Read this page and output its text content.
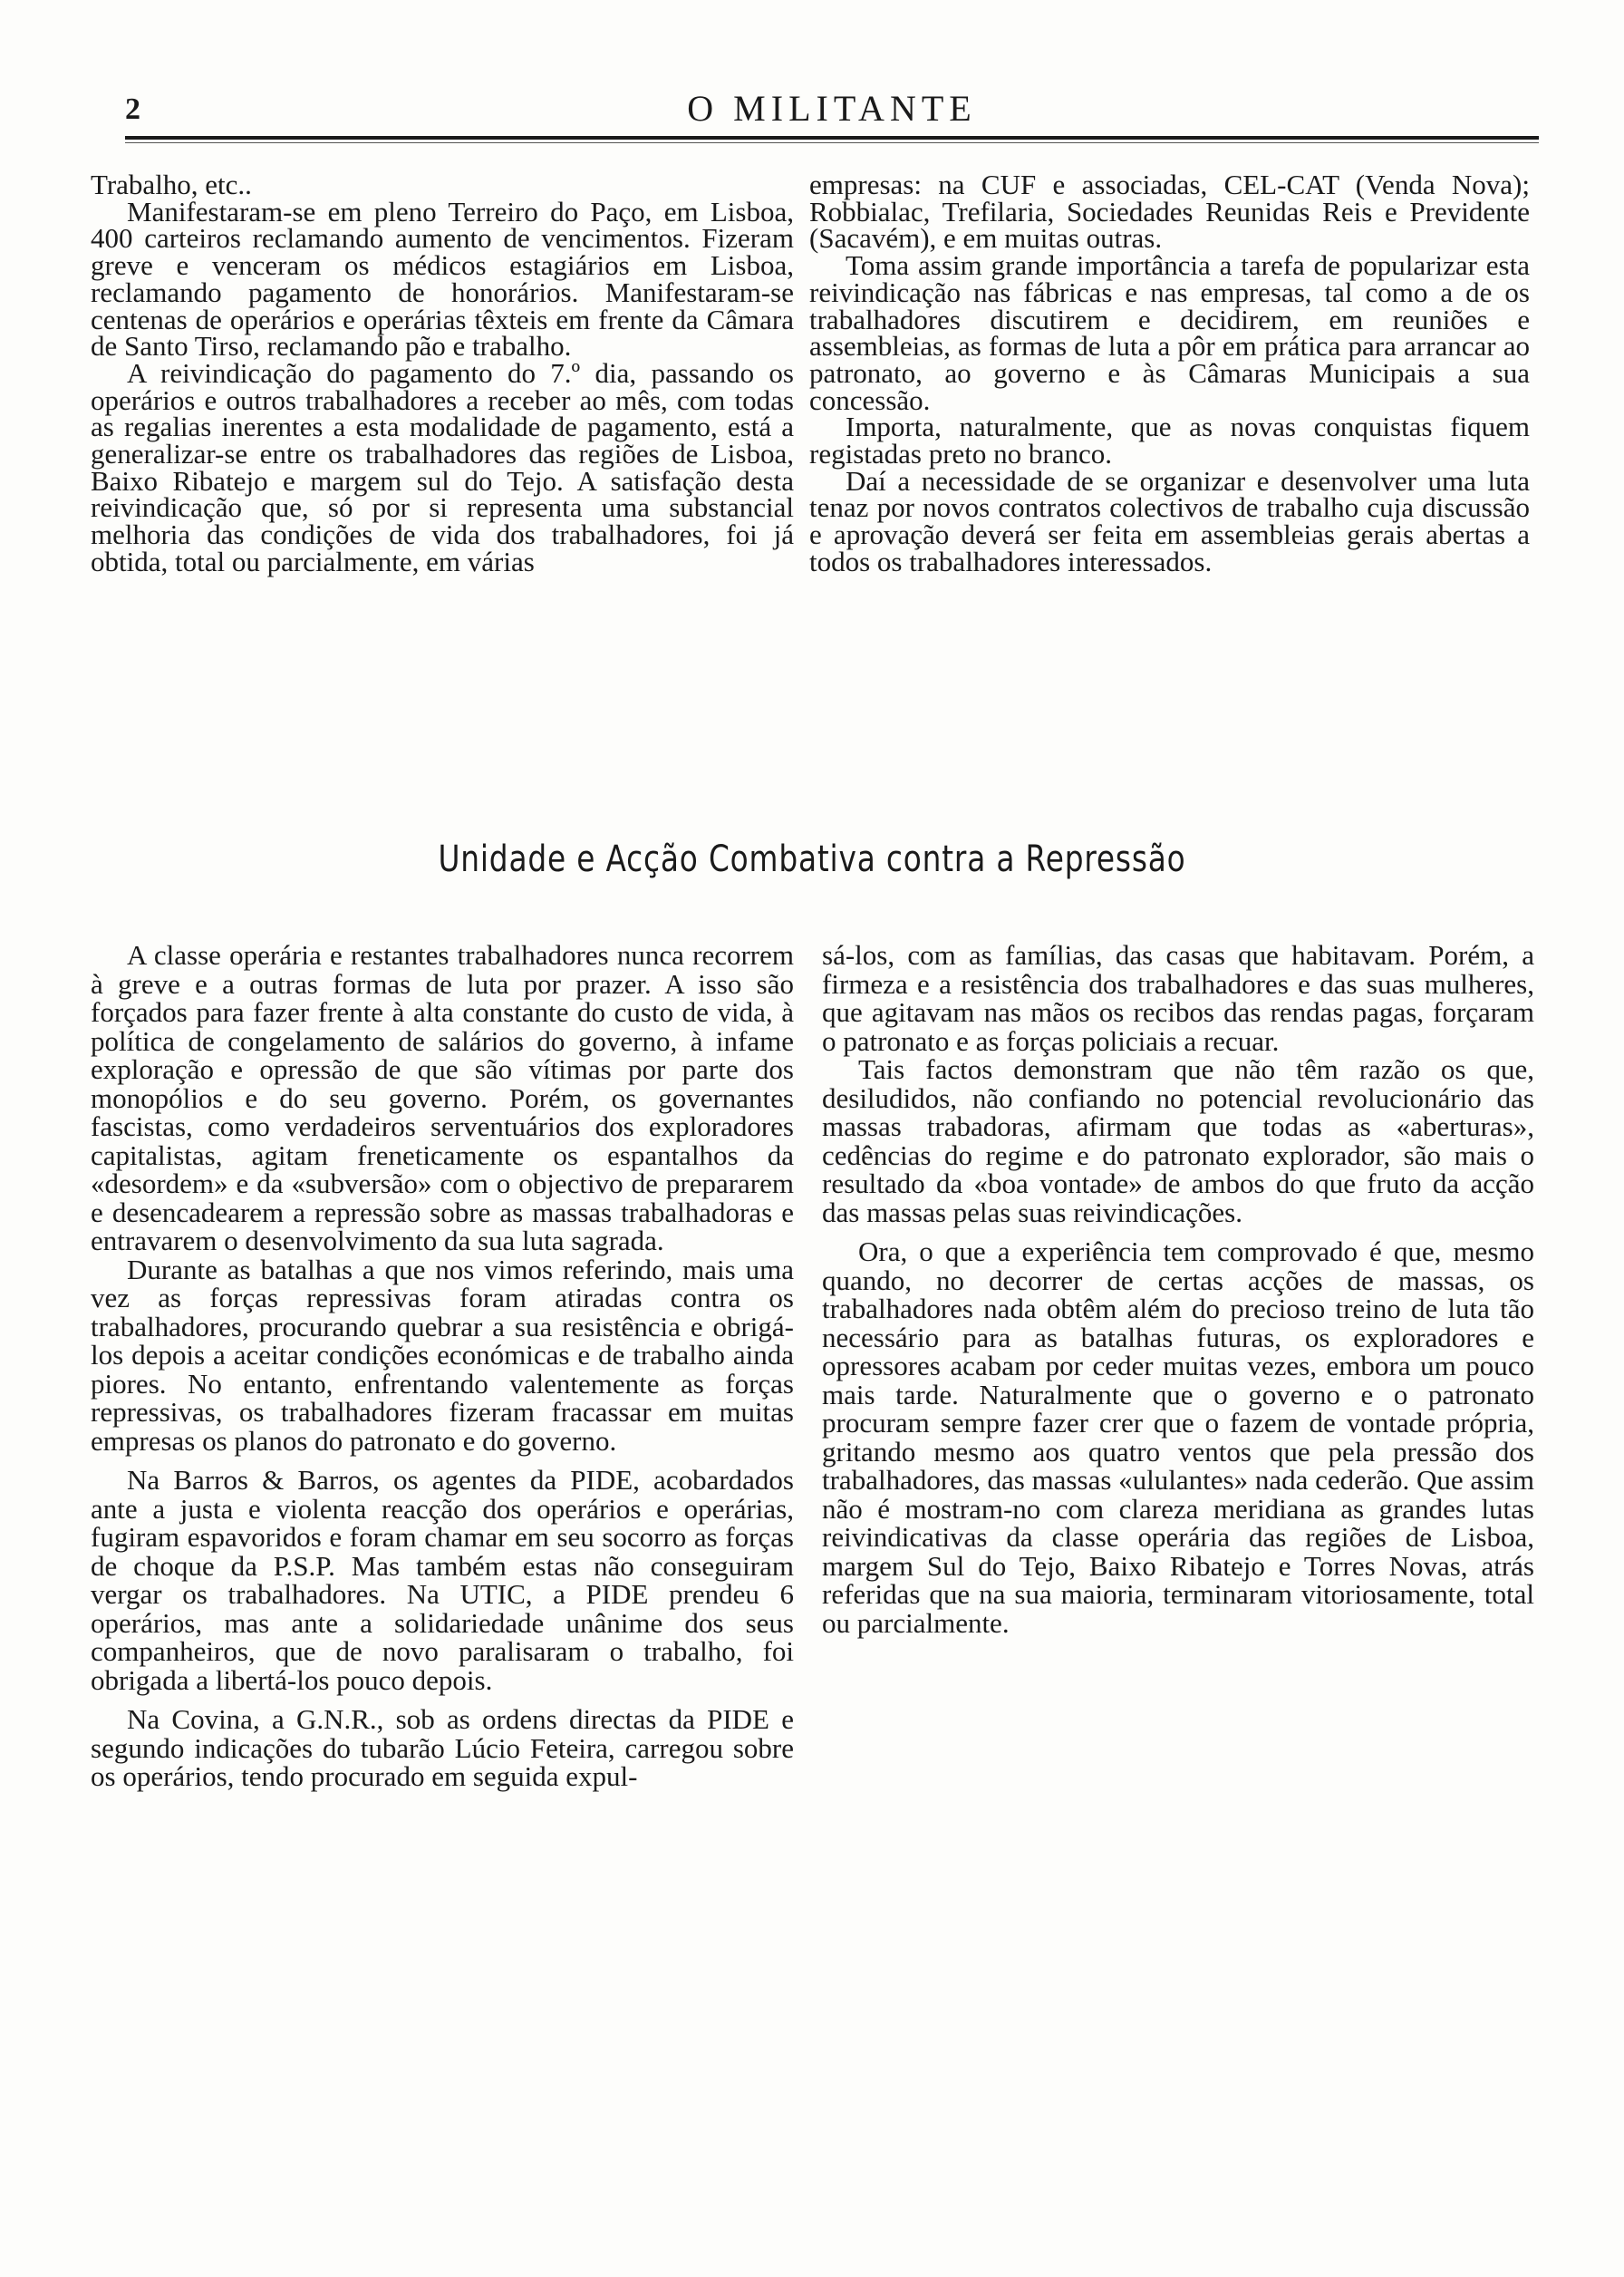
2	O MILITANTE

Trabalho, etc..

Manifestaram-se em pleno Terreiro do Paço, em Lisboa, 400 carteiros reclamando aumento de vencimentos. Fizeram greve e venceram os médicos estagiários em Lisboa, reclamando pagamento de honorários. Manifestaram-se centenas de operários e operárias têxteis em frente da Câmara de Santo Tirso, reclamando pão e trabalho.

A reivindicação do pagamento do 7.º dia, passando os operários e outros trabalhadores a receber ao mês, com todas as regalias inerentes a esta modalidade de pagamento, está a generalizar-se entre os trabalhadores das regiões de Lisboa, Baixo Ribatejo e margem sul do Tejo. A satisfação desta reivindicação que, só por si representa uma substancial melhoria das condições de vida dos trabalhadores, foi já obtida, total ou parcialmente, em várias

empresas: na CUF e associadas, CEL-CAT (Venda Nova); Robbialac, Trefilaria, Sociedades Reunidas Reis e Previdente (Sacavém), e em muitas outras.

Toma assim grande importância a tarefa de popularizar esta reivindicação nas fábricas e nas empresas, tal como a de os trabalhadores discutirem e decidirem, em reuniões e assembleias, as formas de luta a pôr em prática para arrancar ao patronato, ao governo e às Câmaras Municipais a sua concessão.

Importa, naturalmente, que as novas conquistas fiquem registadas preto no branco.

Daí a necessidade de se organizar e desenvolver uma luta tenaz por novos contratos colectivos de trabalho cuja discussão e aprovação deverá ser feita em assembleias gerais abertas a todos os trabalhadores interessados.

Unidade e Acção Combativa contra a Repressão

A classe operária e restantes trabalhadores nunca recorrem à greve e a outras formas de luta por prazer. A isso são forçados para fazer frente à alta constante do custo de vida, à política de congelamento de salários do governo, à infame exploração e opressão de que são vítimas por parte dos monopólios e do seu governo. Porém, os governantes fascistas, como verdadeiros serventuários dos exploradores capitalistas, agitam freneticamente os espantalhos da «desordem» e da «subversão» com o objectivo de prepararem e desencadearem a repressão sobre as massas trabalhadoras e entravarem o desenvolvimento da sua luta sagrada.

Durante as batalhas a que nos vimos referindo, mais uma vez as forças repressivas foram atiradas contra os trabalhadores, procurando quebrar a sua resistência e obrigá-los depois a aceitar condições económicas e de trabalho ainda piores. No entanto, enfrentando valentemente as forças repressivas, os trabalhadores fizeram fracassar em muitas empresas os planos do patronato e do governo.

Na Barros & Barros, os agentes da PIDE, acobardados ante a justa e violenta reacção dos operários e operárias, fugiram espavoridos e foram chamar em seu socorro as forças de choque da P.S.P. Mas também estas não conseguiram vergar os trabalhadores. Na UTIC, a PIDE prendeu 6 operários, mas ante a solidariedade unânime dos seus companheiros, que de novo paralisaram o trabalho, foi obrigada a libertá-los pouco depois.

Na Covina, a G.N.R., sob as ordens directas da PIDE e segundo indicações do tubarão Lúcio Feteira, carregou sobre os operários, tendo procurado em seguida expul-

sá-los, com as famílias, das casas que habitavam. Porém, a firmeza e a resistência dos trabalhadores e das suas mulheres, que agitavam nas mãos os recibos das rendas pagas, forçaram o patronato e as forças policiais a recuar.

Tais factos demonstram que não têm razão os que, desiludidos, não confiando no potencial revolucionário das massas trabadoras, afirmam que todas as «aberturas», cedências do regime e do patronato explorador, são mais o resultado da «boa vontade» de ambos do que fruto da acção das massas pelas suas reivindicações.

Ora, o que a experiência tem comprovado é que, mesmo quando, no decorrer de certas acções de massas, os trabalhadores nada obtêm além do precioso treino de luta tão necessário para as batalhas futuras, os exploradores e opressores acabam por ceder muitas vezes, embora um pouco mais tarde. Naturalmente que o governo e o patronato procuram sempre fazer crer que o fazem de vontade própria, gritando mesmo aos quatro ventos que pela pressão dos trabalhadores, das massas «ululantes» nada cederão. Que assim não é mostram-no com clareza meridiana as grandes lutas reivindicativas da classe operária das regiões de Lisboa, margem Sul do Tejo, Baixo Ribatejo e Torres Novas, atrás referidas que na sua maioria, terminaram vitoriosamente, total ou parcialmente.
